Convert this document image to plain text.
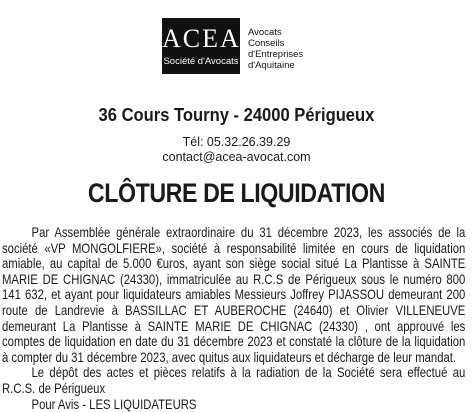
ACEA
Société d'Avocats
Avocats
Conseils
d'Entreprises
d'Aquitaine
36 Cours Tourny - 24000 Périgueux
Tél: 05.32.26.39.29
contact@acea-avocat.com
CLÔTURE DE LIQUIDATION

Par Assemblée générale extraordinaire du 31 décembre 2023, les associés de la société «VP MONGOLFIERE», société à responsabilité limitée en cours de liquidation amiable, au capital de 5.000 €uros, ayant son siège social situé La Plantisse à SAINTE MARIE DE CHIGNAC (24330), immatriculée au R.C.S de Périgueux sous le numéro 800 141 632, et ayant pour liquidateurs amiables Messieurs Joffrey PIJASSOU demeurant 200 route de Landrevie à BASSILLAC ET AUBEROCHE (24640) et Olivier VILLENEUVE demeurant La Plantisse à SAINTE MARIE DE CHIGNAC (24330) , ont approuvé les comptes de liquidation en date du 31 décembre 2023 et constaté la clôture de la liquidation à compter du 31 décembre 2023, avec quitus aux liquidateurs et décharge de leur mandat.

Le dépôt des actes et pièces relatifs à la radiation de la Société sera effectué au R.C.S. de Périgueux

Pour Avis - LES LIQUIDATEURS
